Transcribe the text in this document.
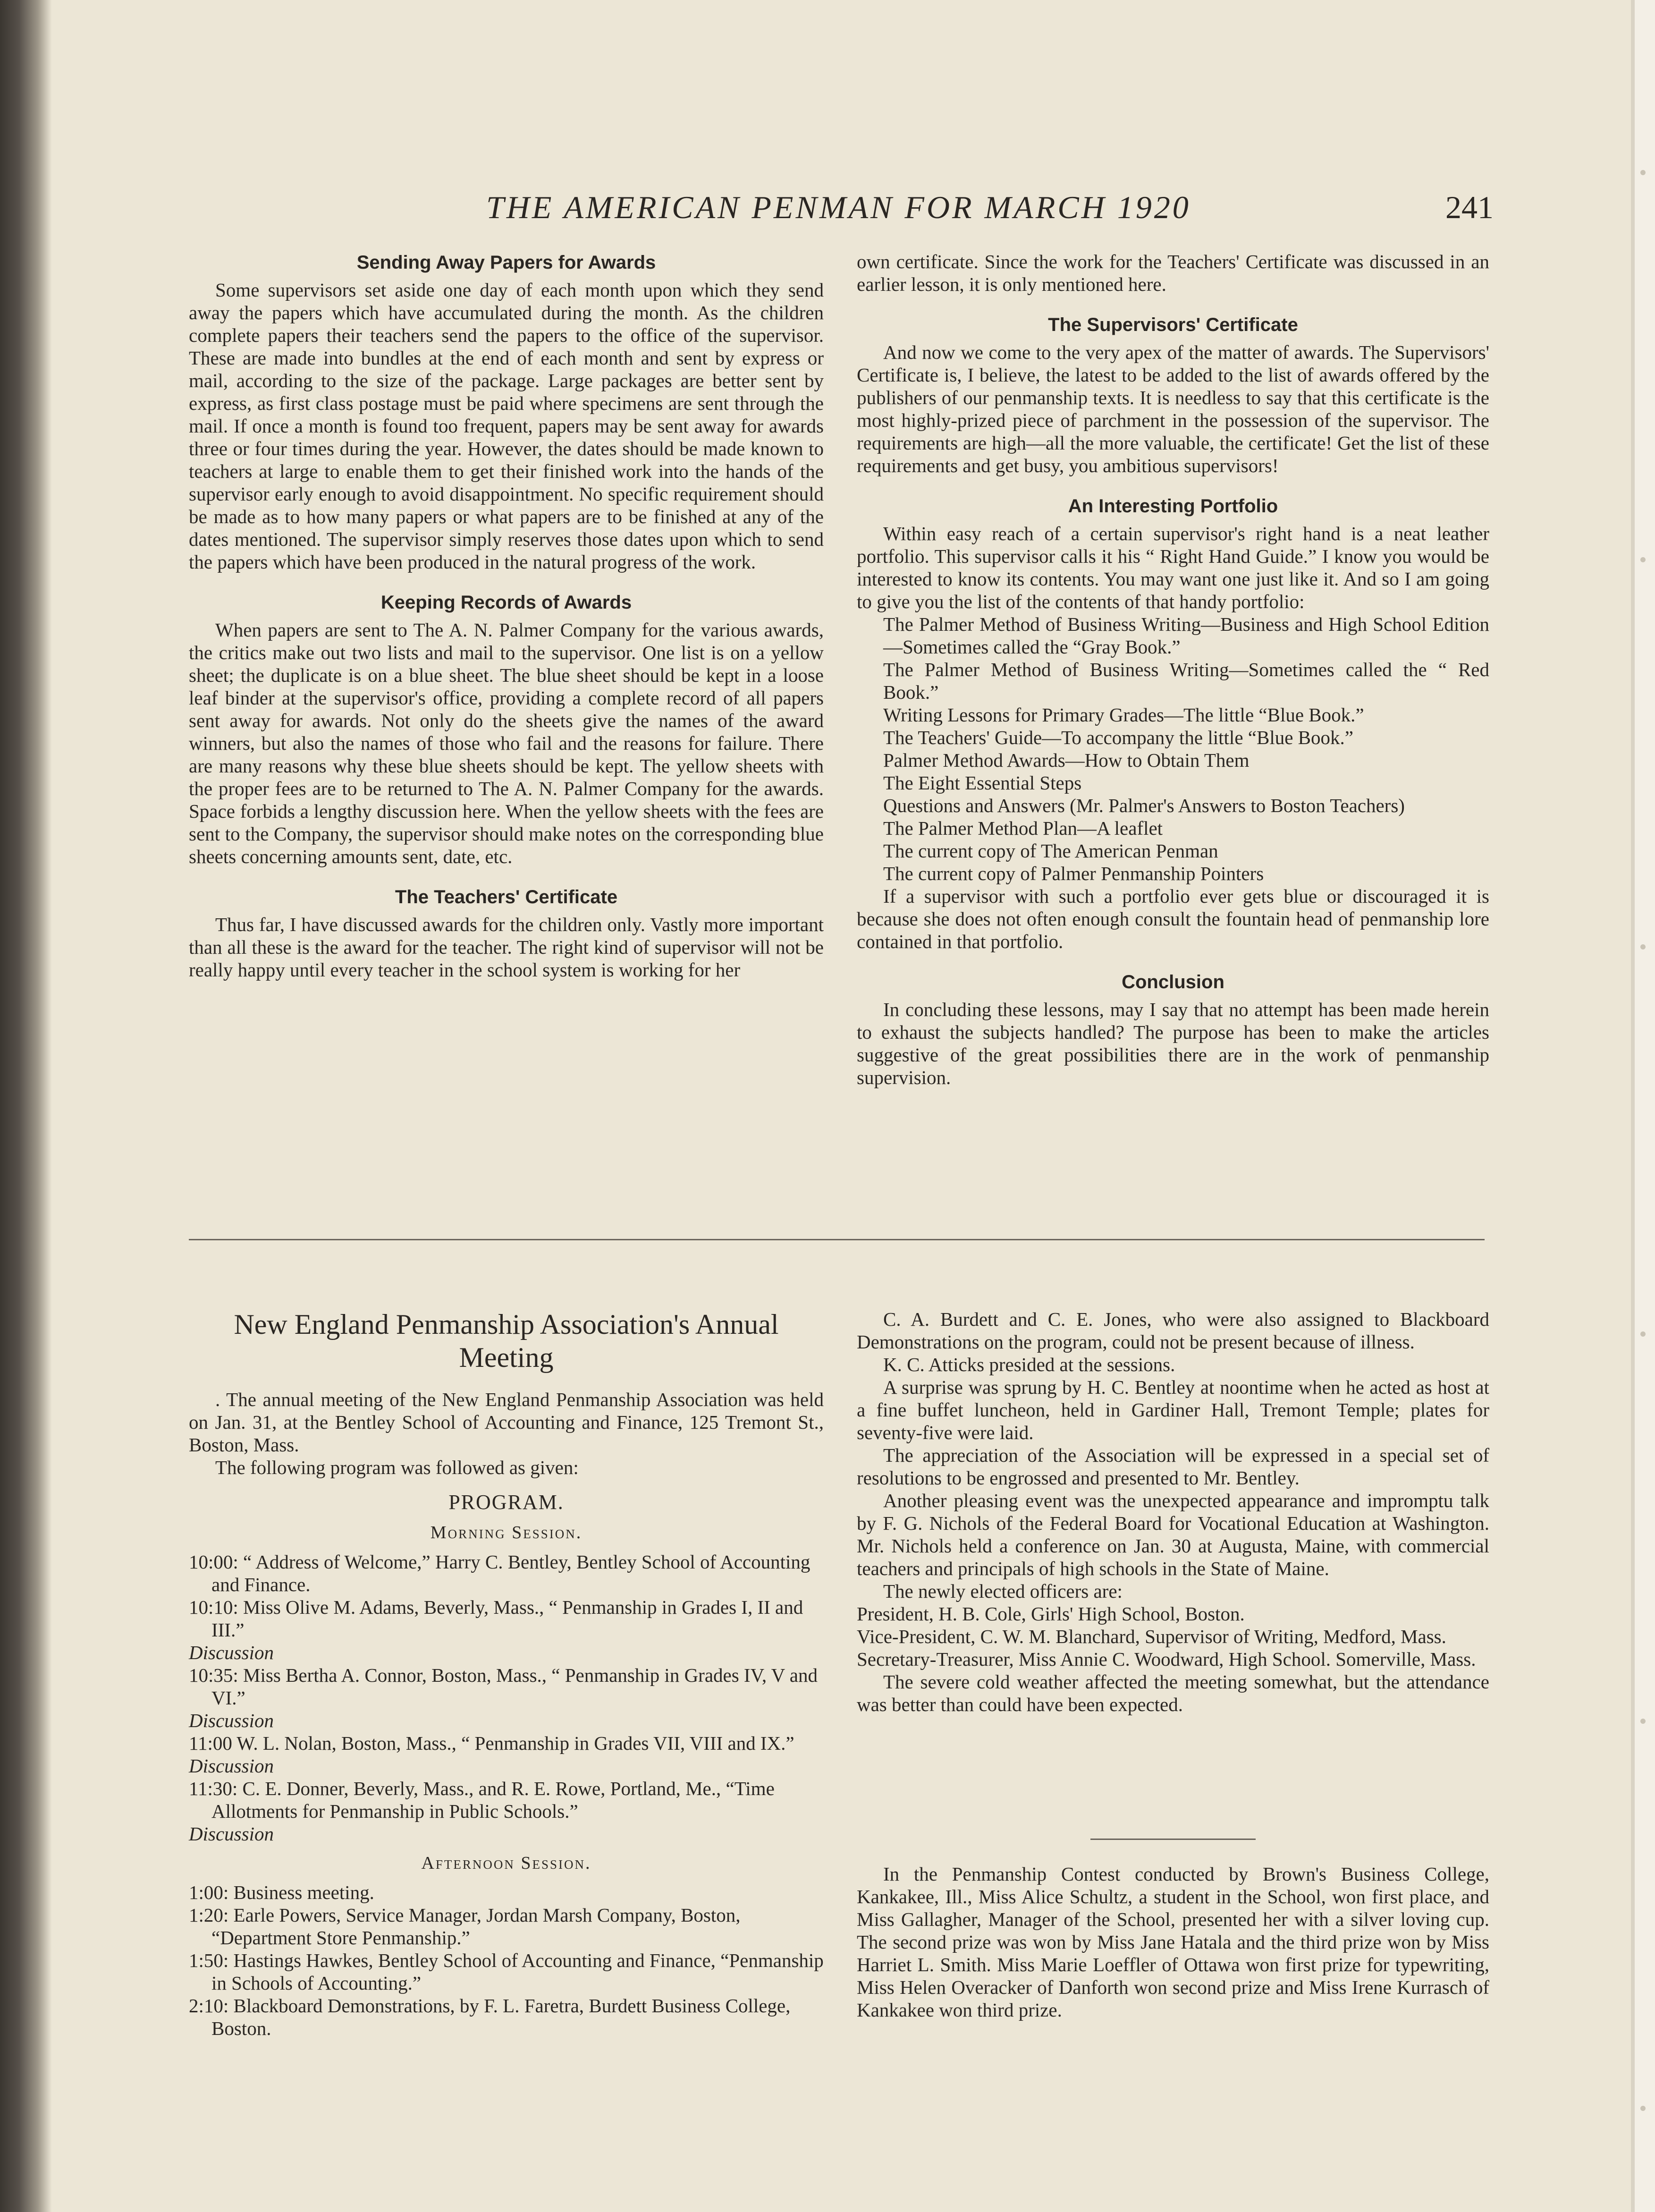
THE AMERICAN PENMAN FOR MARCH 1920	241
Sending Away Papers for Awards

Some supervisors set aside one day of each month upon which they send away the papers which have accumulated during the month. As the children complete papers their teachers send the papers to the office of the supervisor. These are made into bundles at the end of each month and sent by express or mail, according to the size of the package. Large packages are better sent by express, as first class postage must be paid where specimens are sent through the mail. If once a month is found too frequent, papers may be sent away for awards three or four times during the year. However, the dates should be made known to teachers at large to enable them to get their finished work into the hands of the supervisor early enough to avoid disappointment. No specific requirement should be made as to how many papers or what papers are to be finished at any of the dates mentioned. The supervisor simply reserves those dates upon which to send the papers which have been produced in the natural progress of the work.

Keeping Records of Awards

When papers are sent to The A. N. Palmer Company for the various awards, the critics make out two lists and mail to the supervisor. One list is on a yellow sheet; the duplicate is on a blue sheet. The blue sheet should be kept in a loose leaf binder at the supervisor's office, providing a complete record of all papers sent away for awards. Not only do the sheets give the names of the award winners, but also the names of those who fail and the reasons for failure. There are many reasons why these blue sheets should be kept. The yellow sheets with the proper fees are to be returned to The A. N. Palmer Company for the awards. Space forbids a lengthy discussion here. When the yellow sheets with the fees are sent to the Company, the supervisor should make notes on the corresponding blue sheets concerning amounts sent, date, etc.

The Teachers' Certificate

Thus far, I have discussed awards for the children only. Vastly more important than all these is the award for the teacher. The right kind of supervisor will not be really happy until every teacher in the school system is working for her

own certificate. Since the work for the Teachers' Certificate was discussed in an earlier lesson, it is only mentioned here.

The Supervisors' Certificate

And now we come to the very apex of the matter of awards. The Supervisors' Certificate is, I believe, the latest to be added to the list of awards offered by the publishers of our penmanship texts. It is needless to say that this certificate is the most highly-prized piece of parchment in the possession of the supervisor. The requirements are high—all the more valuable, the certificate! Get the list of these requirements and get busy, you ambitious supervisors!

An Interesting Portfolio

Within easy reach of a certain supervisor's right hand is a neat leather portfolio. This supervisor calls it his “ Right Hand Guide.” I know you would be interested to know its contents. You may want one just like it. And so I am going to give you the list of the contents of that handy portfolio:

The Palmer Method of Business Writing—Business and High School Edition—Sometimes called the “Gray Book.”
The Palmer Method of Business Writing—Sometimes called the “ Red Book.”
Writing Lessons for Primary Grades—The little “Blue Book.”
The Teachers' Guide—To accompany the little “Blue Book.”
Palmer Method Awards—How to Obtain Them
The Eight Essential Steps
Questions and Answers (Mr. Palmer's Answers to Boston Teachers)
The Palmer Method Plan—A leaflet
The current copy of The American Penman
The current copy of Palmer Penmanship Pointers

If a supervisor with such a portfolio ever gets blue or discouraged it is because she does not often enough consult the fountain head of penmanship lore contained in that portfolio.

Conclusion

In concluding these lessons, may I say that no attempt has been made herein to exhaust the subjects handled? The purpose has been to make the articles suggestive of the great possibilities there are in the work of penmanship supervision.

New England Penmanship Association's Annual
Meeting

. The annual meeting of the New England Penmanship Association was held on Jan. 31, at the Bentley School of Accounting and Finance, 125 Tremont St., Boston, Mass.

The following program was followed as given:

PROGRAM.
Morning Session.
10:00: “ Address of Welcome,” Harry C. Bentley, Bentley School of Accounting and Finance.
10:10: Miss Olive M. Adams, Beverly, Mass., “ Penmanship in Grades I, II and III.”
Discussion
10:35: Miss Bertha A. Connor, Boston, Mass., “ Penmanship in Grades IV, V and VI.”
Discussion
11:00 W. L. Nolan, Boston, Mass., “ Penmanship in Grades VII, VIII and IX.”
Discussion
11:30: C. E. Donner, Beverly, Mass., and R. E. Rowe, Portland, Me., “Time Allotments for Penmanship in Public Schools.”
Discussion
Afternoon Session.
1:00: Business meeting.
1:20: Earle Powers, Service Manager, Jordan Marsh Company, Boston, “Department Store Penmanship.”
1:50: Hastings Hawkes, Bentley School of Accounting and Finance, “Penmanship in Schools of Accounting.”
2:10: Blackboard Demonstrations, by F. L. Faretra, Burdett Business College, Boston.

C. A. Burdett and C. E. Jones, who were also assigned to Blackboard Demonstrations on the program, could not be present because of illness.

K. C. Atticks presided at the sessions.

A surprise was sprung by H. C. Bentley at noontime when he acted as host at a fine buffet luncheon, held in Gardiner Hall, Tremont Temple; plates for seventy-five were laid.

The appreciation of the Association will be expressed in a special set of resolutions to be engrossed and presented to Mr. Bentley.

Another pleasing event was the unexpected appearance and impromptu talk by F. G. Nichols of the Federal Board for Vocational Education at Washington. Mr. Nichols held a conference on Jan. 30 at Augusta, Maine, with commercial teachers and principals of high schools in the State of Maine.

The newly elected officers are:

President, H. B. Cole, Girls' High School, Boston.
Vice-President, C. W. M. Blanchard, Supervisor of Writing, Medford, Mass.
Secretary-Treasurer, Miss Annie C. Woodward, High School. Somerville, Mass.

The severe cold weather affected the meeting somewhat, but the attendance was better than could have been expected.

In the Penmanship Contest conducted by Brown's Business College, Kankakee, Ill., Miss Alice Schultz, a student in the School, won first place, and Miss Gallagher, Manager of the School, presented her with a silver loving cup. The second prize was won by Miss Jane Hatala and the third prize won by Miss Harriet L. Smith. Miss Marie Loeffler of Ottawa won first prize for typewriting, Miss Helen Overacker of Danforth won second prize and Miss Irene Kurrasch of Kankakee won third prize.
